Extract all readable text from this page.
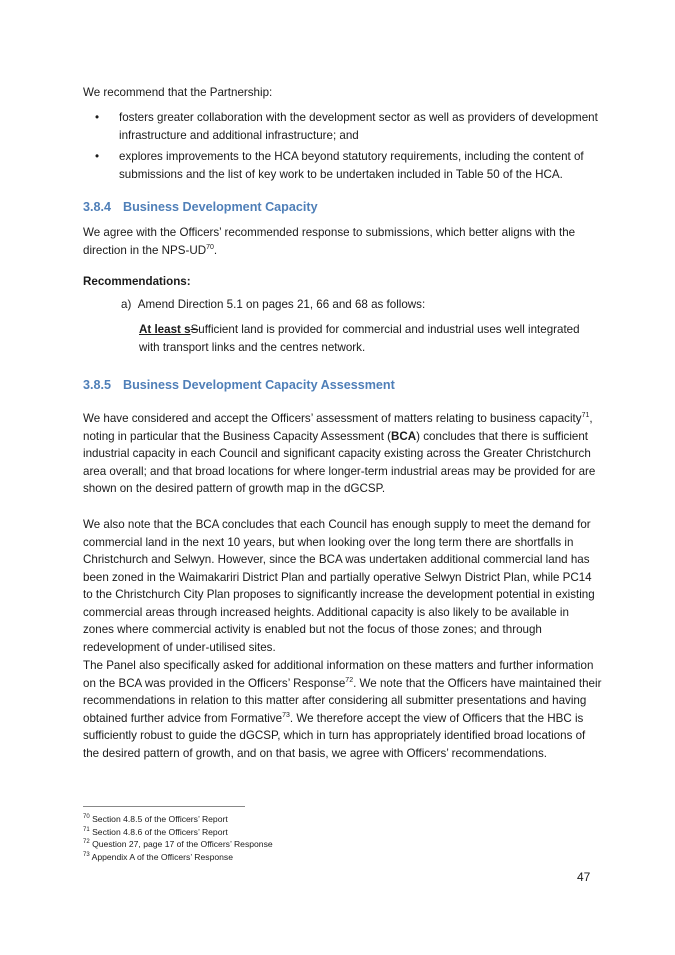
We recommend that the Partnership:

• fosters greater collaboration with the development sector as well as providers of development infrastructure and additional infrastructure; and
• explores improvements to the HCA beyond statutory requirements, including the content of submissions and the list of key work to be undertaken included in Table 50 of the HCA.
3.8.4 Business Development Capacity

We agree with the Officers’ recommended response to submissions, which better aligns with the direction in the NPS-UD$^{70}$.

Recommendations:

a)  Amend Direction 5.1 on pages 21, 66 and 68 as follows:

At least sSufficient land is provided for commercial and industrial uses well integrated with transport links and the centres network.

3.8.5 Business Development Capacity Assessment

We have considered and accept the Officers’ assessment of matters relating to business capacity$^{71}$, noting in particular that the Business Capacity Assessment (BCA) concludes that there is sufficient industrial capacity in each Council and significant capacity existing across the Greater Christchurch area overall; and that broad locations for where longer-term industrial areas may be provided for are shown on the desired pattern of growth map in the dGCSP.

We also note that the BCA concludes that each Council has enough supply to meet the demand for commercial land in the next 10 years, but when looking over the long term there are shortfalls in Christchurch and Selwyn. However, since the BCA was undertaken additional commercial land has been zoned in the Waimakariri District Plan and partially operative Selwyn District Plan, while PC14 to the Christchurch City Plan proposes to significantly increase the development potential in existing commercial areas through increased heights. Additional capacity is also likely to be available in zones where commercial activity is enabled but not the focus of those zones; and through redevelopment of under-utilised sites.

The Panel also specifically asked for additional information on these matters and further information on the BCA was provided in the Officers’ Response$^{72}$. We note that the Officers have maintained their recommendations in relation to this matter after considering all submitter presentations and having obtained further advice from Formative$^{73}$. We therefore accept the view of Officers that the HBC is sufficiently robust to guide the dGCSP, which in turn has appropriately identified broad locations of the desired pattern of growth, and on that basis, we agree with Officers’ recommendations.

$^{70}$ Section 4.8.5 of the Officers’ Report
$^{71}$ Section 4.8.6 of the Officers’ Report
$^{72}$ Question 27, page 17 of the Officers’ Response
$^{73}$ Appendix A of the Officers’ Response
47
